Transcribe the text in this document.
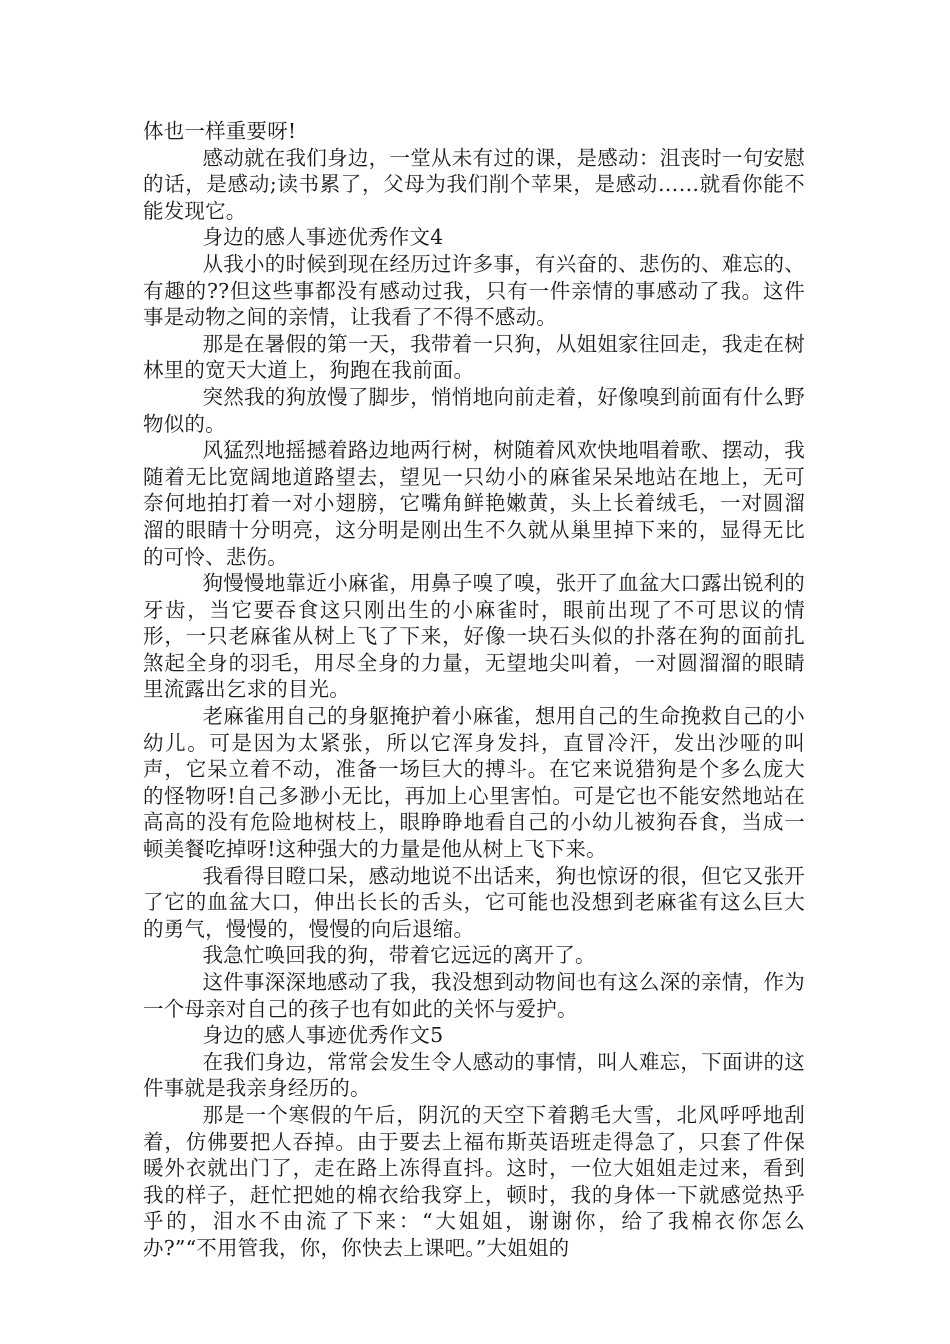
体也一样重要呀!

感动就在我们身边，一堂从未有过的课，是感动：沮丧时一句安慰的话，是感动;读书累了，父母为我们削个苹果，是感动……就看你能不能发现它。

身边的感人事迹优秀作文4

从我小的时候到现在经历过许多事，有兴奋的、悲伤的、难忘的、有趣的??但这些事都没有感动过我，只有一件亲情的事感动了我。这件事是动物之间的亲情，让我看了不得不感动。

那是在暑假的第一天，我带着一只狗，从姐姐家往回走，我走在树林里的宽天大道上，狗跑在我前面。

突然我的狗放慢了脚步，悄悄地向前走着，好像嗅到前面有什么野物似的。

风猛烈地摇撼着路边地两行树，树随着风欢快地唱着歌、摆动，我随着无比宽阔地道路望去，望见一只幼小的麻雀呆呆地站在地上，无可奈何地拍打着一对小翅膀，它嘴角鲜艳嫩黄，头上长着绒毛，一对圆溜溜的眼睛十分明亮，这分明是刚出生不久就从巢里掉下来的，显得无比的可怜、悲伤。

狗慢慢地靠近小麻雀，用鼻子嗅了嗅，张开了血盆大口露出锐利的牙齿，当它要吞食这只刚出生的小麻雀时，眼前出现了不可思议的情形，一只老麻雀从树上飞了下来，好像一块石头似的扑落在狗的面前扎煞起全身的羽毛，用尽全身的力量，无望地尖叫着，一对圆溜溜的眼睛里流露出乞求的目光。

老麻雀用自己的身躯掩护着小麻雀，想用自己的生命挽救自己的小幼儿。可是因为太紧张，所以它浑身发抖，直冒冷汗，发出沙哑的叫声，它呆立着不动，准备一场巨大的搏斗。在它来说猎狗是个多么庞大的怪物呀!自己多渺小无比，再加上心里害怕。可是它也不能安然地站在高高的没有危险地树枝上，眼睁睁地看自己的小幼儿被狗吞食，当成一顿美餐吃掉呀!这种强大的力量是他从树上飞下来。

我看得目瞪口呆，感动地说不出话来，狗也惊讶的很，但它又张开了它的血盆大口，伸出长长的舌头，它可能也没想到老麻雀有这么巨大的勇气，慢慢的，慢慢的向后退缩。

我急忙唤回我的狗，带着它远远的离开了。

这件事深深地感动了我，我没想到动物间也有这么深的亲情，作为一个母亲对自己的孩子也有如此的关怀与爱护。

身边的感人事迹优秀作文5

在我们身边，常常会发生令人感动的事情，叫人难忘，下面讲的这件事就是我亲身经历的。

那是一个寒假的午后，阴沉的天空下着鹅毛大雪，北风呼呼地刮着，仿佛要把人吞掉。由于要去上福布斯英语班走得急了，只套了件保暖外衣就出门了，走在路上冻得直抖。这时，一位大姐姐走过来，看到我的样子，赶忙把她的棉衣给我穿上，顿时，我的身体一下就感觉热乎乎的，泪水不由流了下来：“大姐姐，谢谢你，给了我棉衣你怎么办?”“不用管我，你，你快去上课吧。”大姐姐的
